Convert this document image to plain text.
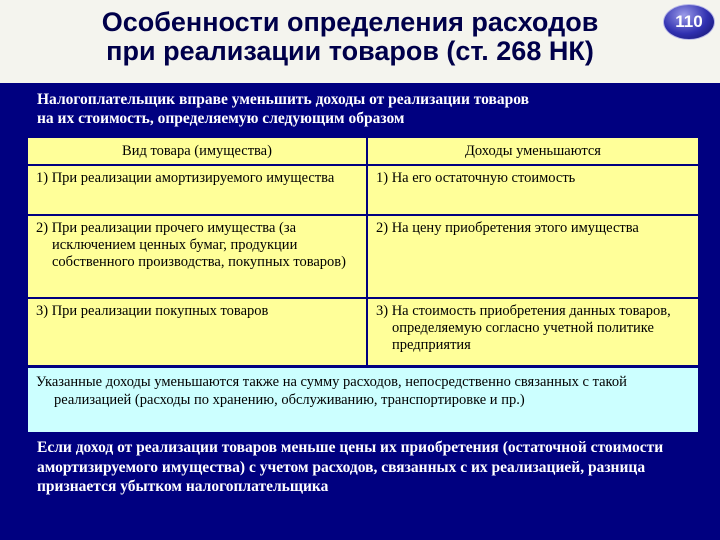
Особенности определения расходов
при реализации товаров (ст. 268 НК)
110
Налогоплательщик вправе уменьшить доходы от реализации товаров
на их стоимость, определяемую следующим образом
Вид товара (имущества)	Доходы уменьшаются

1) При реализации амортизируемого имущества	1) На его остаточную стоимость

2) При реализации прочего имущества (за исключением ценных бумаг, продукции собственного производства, покупных товаров)	2) На цену приобретения этого имущества

3) При реализации покупных товаров	3) На стоимость приобретения данных товаров, определяемую согласно учетной политике предприятия
Указанные доходы уменьшаются также на сумму расходов, непосредственно связанных с такой реализацией (расходы по хранению, обслуживанию, транспортировке и пр.)
Если доход от реализации товаров меньше цены их приобретения (остаточной стоимости амортизируемого имущества) с учетом расходов, связанных с их реализацией, разница признается убытком налогоплательщика
